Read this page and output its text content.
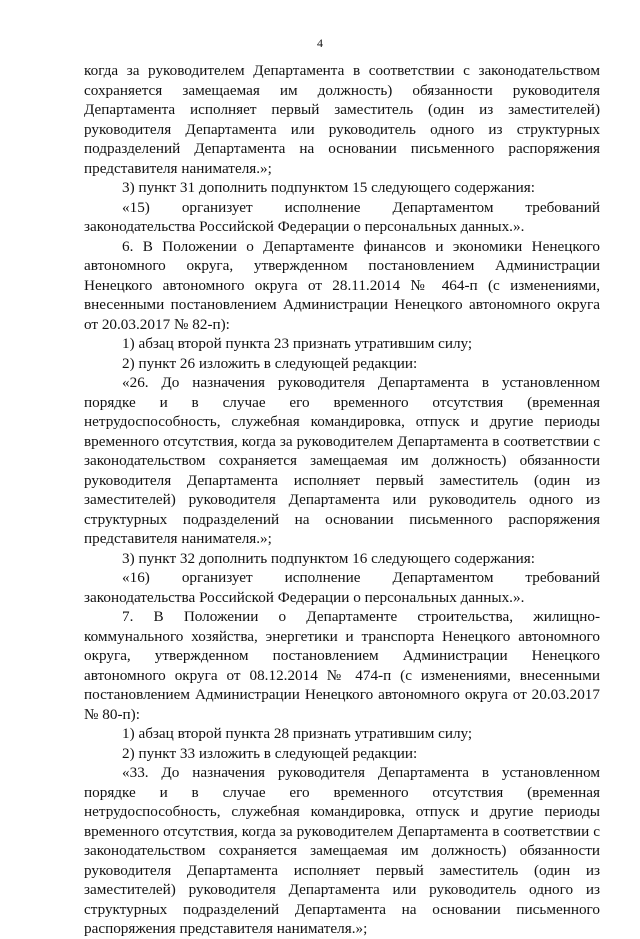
4

когда за руководителем Департамента в соответствии с законодательством сохраняется замещаемая им должность) обязанности руководителя Департамента исполняет первый заместитель (один из заместителей) руководителя Департамента или руководитель одного из структурных подразделений Департамента на основании письменного распоряжения представителя нанимателя.»;

3) пункт 31 дополнить подпунктом 15 следующего содержания:

«15) организует исполнение Департаментом требований законодательства Российской Федерации о персональных данных.».

6. В Положении о Департаменте финансов и экономики Ненецкого автономного округа, утвержденном постановлением Администрации Ненецкого автономного округа от 28.11.2014 № 464-п (с изменениями, внесенными постановлением Администрации Ненецкого автономного округа от 20.03.2017 № 82-п):

1) абзац второй пункта 23 признать утратившим силу;

2) пункт 26 изложить в следующей редакции:

«26. До назначения руководителя Департамента в установленном порядке и в случае его временного отсутствия (временная нетрудоспособность, служебная командировка, отпуск и другие периоды временного отсутствия, когда за руководителем Департамента в соответствии с законодательством сохраняется замещаемая им должность) обязанности руководителя Департамента исполняет первый заместитель (один из заместителей) руководителя Департамента или руководитель одного из структурных подразделений на основании письменного распоряжения представителя нанимателя.»;

3) пункт 32 дополнить подпунктом 16 следующего содержания:

«16) организует исполнение Департаментом требований законодательства Российской Федерации о персональных данных.».

7. В Положении о Департаменте строительства, жилищно-коммунального хозяйства, энергетики и транспорта Ненецкого автономного округа, утвержденном постановлением Администрации Ненецкого автономного округа от 08.12.2014 № 474-п (с изменениями, внесенными постановлением Администрации Ненецкого автономного округа от 20.03.2017 № 80-п):

1) абзац второй пункта 28 признать утратившим силу;

2) пункт 33 изложить в следующей редакции:

«33. До назначения руководителя Департамента в установленном порядке и в случае его временного отсутствия (временная нетрудоспособность, служебная командировка, отпуск и другие периоды временного отсутствия, когда за руководителем Департамента в соответствии с законодательством сохраняется замещаемая им должность) обязанности руководителя Департамента исполняет первый заместитель (один из заместителей) руководителя Департамента или руководитель одного из структурных подразделений Департамента на основании письменного распоряжения представителя нанимателя.»;
